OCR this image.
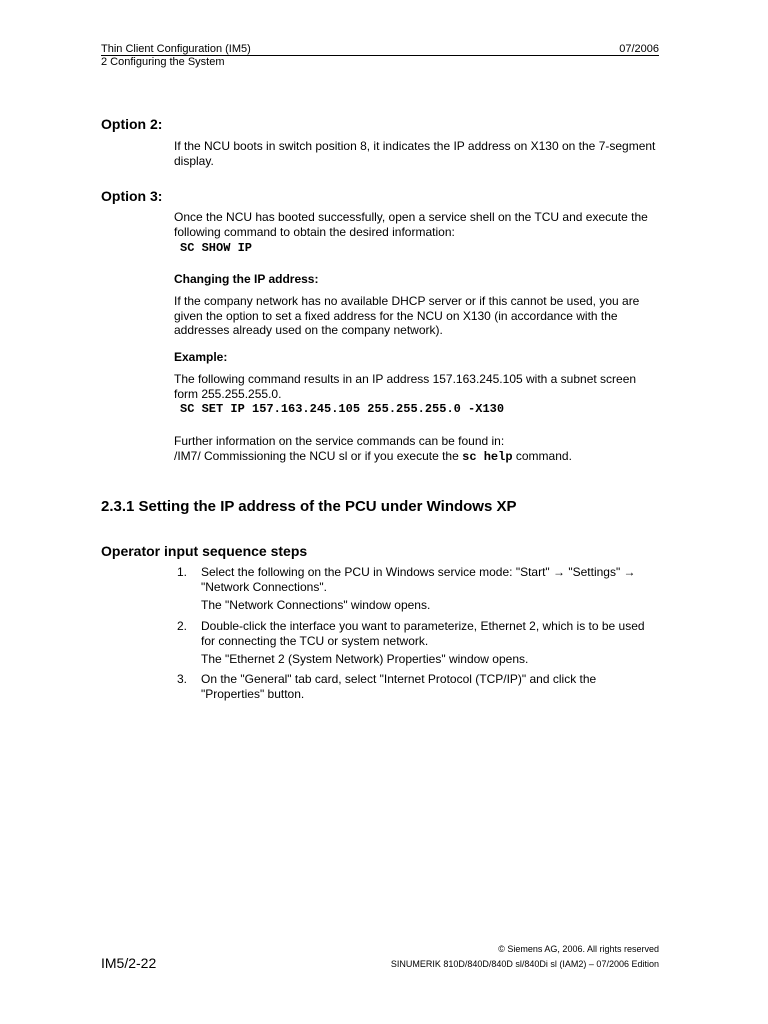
Thin Client Configuration (IM5)	07/2006
2 Configuring the System
Option 2:
If the NCU boots in switch position 8, it indicates the IP address on X130 on the 7-segment display.
Option 3:
Once the NCU has booted successfully, open a service shell on the TCU and execute the following command to obtain the desired information:
SC SHOW IP
Changing the IP address:
If the company network has no available DHCP server or if this cannot be used, you are given the option to set a fixed address for the NCU on X130 (in accordance with the addresses already used on the company network).
Example:
The following command results in an IP address 157.163.245.105 with a subnet screen form 255.255.255.0.
SC SET IP 157.163.245.105 255.255.255.0 -X130
Further information on the service commands can be found in:
/IM7/ Commissioning the NCU sl or if you execute the sc help command.
2.3.1 Setting the IP address of the PCU under Windows XP
Operator input sequence steps
1. Select the following on the PCU in Windows service mode: "Start" → "Settings" → "Network Connections".
The "Network Connections" window opens.
2. Double-click the interface you want to parameterize, Ethernet 2, which is to be used for connecting the TCU or system network.
The "Ethernet 2 (System Network) Properties" window opens.
3. On the "General" tab card, select "Internet Protocol (TCP/IP)" and click the "Properties" button.
© Siemens AG, 2006. All rights reserved
IM5/2-22	SINUMERIK 810D/840D/840D sl/840Di sl (IAM2) – 07/2006 Edition
